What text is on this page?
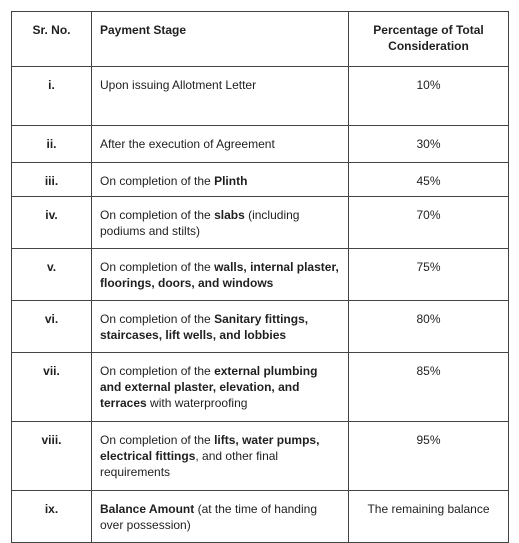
Sr. No.	Payment Stage	Percentage of Total Consideration

i.	Upon issuing Allotment Letter	10%

ii.	After the execution of Agreement	30%

iii.	On completion of the Plinth	45%

iv.	On completion of the slabs (including podiums and stilts)	70%

v.	On completion of the walls, internal plaster, floorings, doors, and windows	75%

vi.	On completion of the Sanitary fittings, staircases, lift wells, and lobbies	80%

vii.	On completion of the external plumbing and external plaster, elevation, and terraces with waterproofing	85%

viii.	On completion of the lifts, water pumps, electrical fittings, and other final requirements	95%

ix.	Balance Amount (at the time of handing over possession)	The remaining balance
